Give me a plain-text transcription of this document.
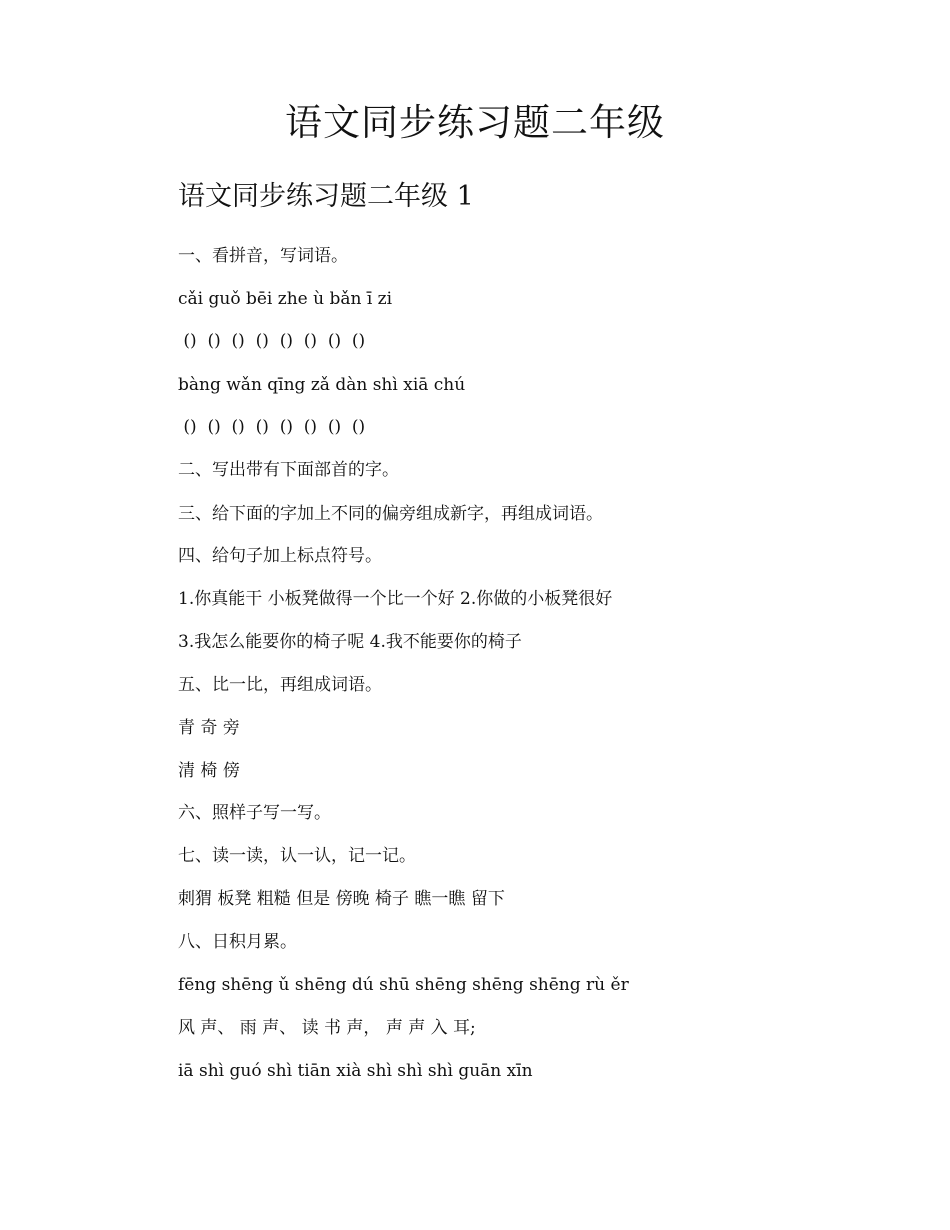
语文同步练习题二年级
语文同步练习题二年级 1
一、看拼音，写词语。
cǎi guǒ bēi zhe ù bǎn ī zi
()  ()  ()  ()  ()  ()  ()  ()
bàng wǎn qīng zǎ dàn shì xiā chú
()  ()  ()  ()  ()  ()  ()  ()
二、写出带有下面部首的字。
三、给下面的字加上不同的偏旁组成新字，再组成词语。
四、给句子加上标点符号。
1.你真能干 小板凳做得一个比一个好 2.你做的小板凳很好
3.我怎么能要你的椅子呢 4.我不能要你的椅子
五、比一比，再组成词语。
青 奇 旁
清 椅 傍
六、照样子写一写。
七、读一读，认一认，记一记。
刺猬 板凳 粗糙 但是 傍晚 椅子 瞧一瞧 留下
八、日积月累。
fēng shēng ǔ shēng dú shū shēng shēng shēng rù ěr
风 声、 雨 声、 读 书 声， 声 声 入 耳;
iā shì guó shì tiān xià shì shì shì guān xīn
